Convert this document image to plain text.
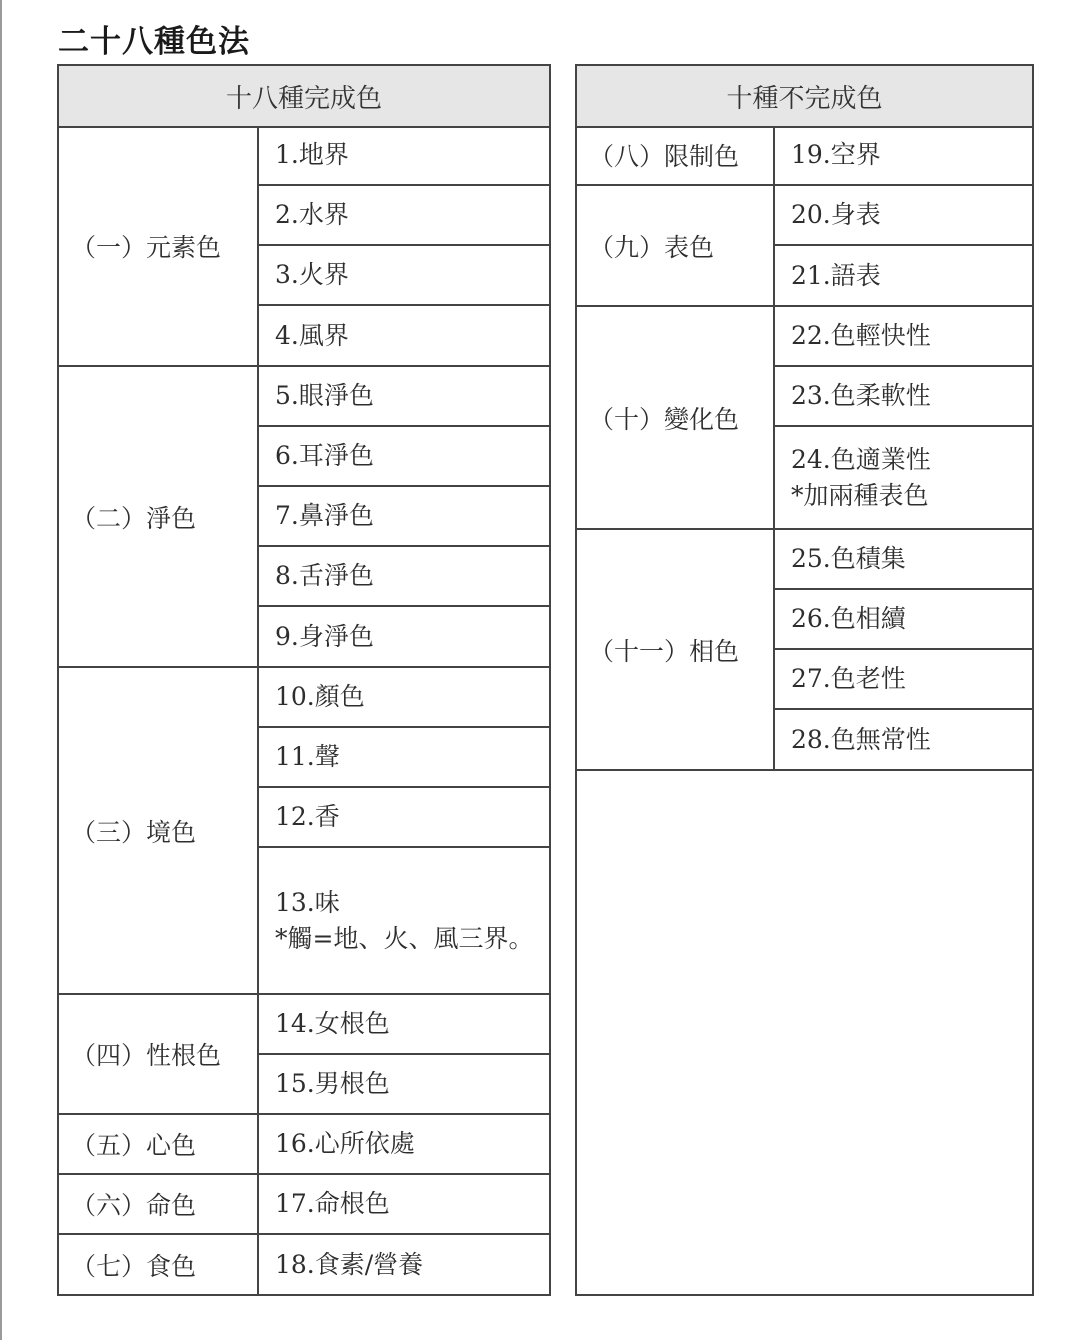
二十八種色法
十八種完成色
（一）元素色
（二）淨色
（三）境色
（四）性根色
（五）心色
（六）命色
（七）食色
1.地界
2.水界
3.火界
4.風界
5.眼淨色
6.耳淨色
7.鼻淨色
8.舌淨色
9.身淨色
10.顏色
11.聲
12.香
13.味
*觸=地、火、風三界。
14.女根色
15.男根色
16.心所依處
17.命根色
18.食素/營養
十種不完成色
（八）限制色
（九）表色
（十）變化色
（十一）相色
19.空界
20.身表
21.語表
22.色輕快性
23.色柔軟性
24.色適業性
*加兩種表色
25.色積集
26.色相續
27.色老性
28.色無常性
